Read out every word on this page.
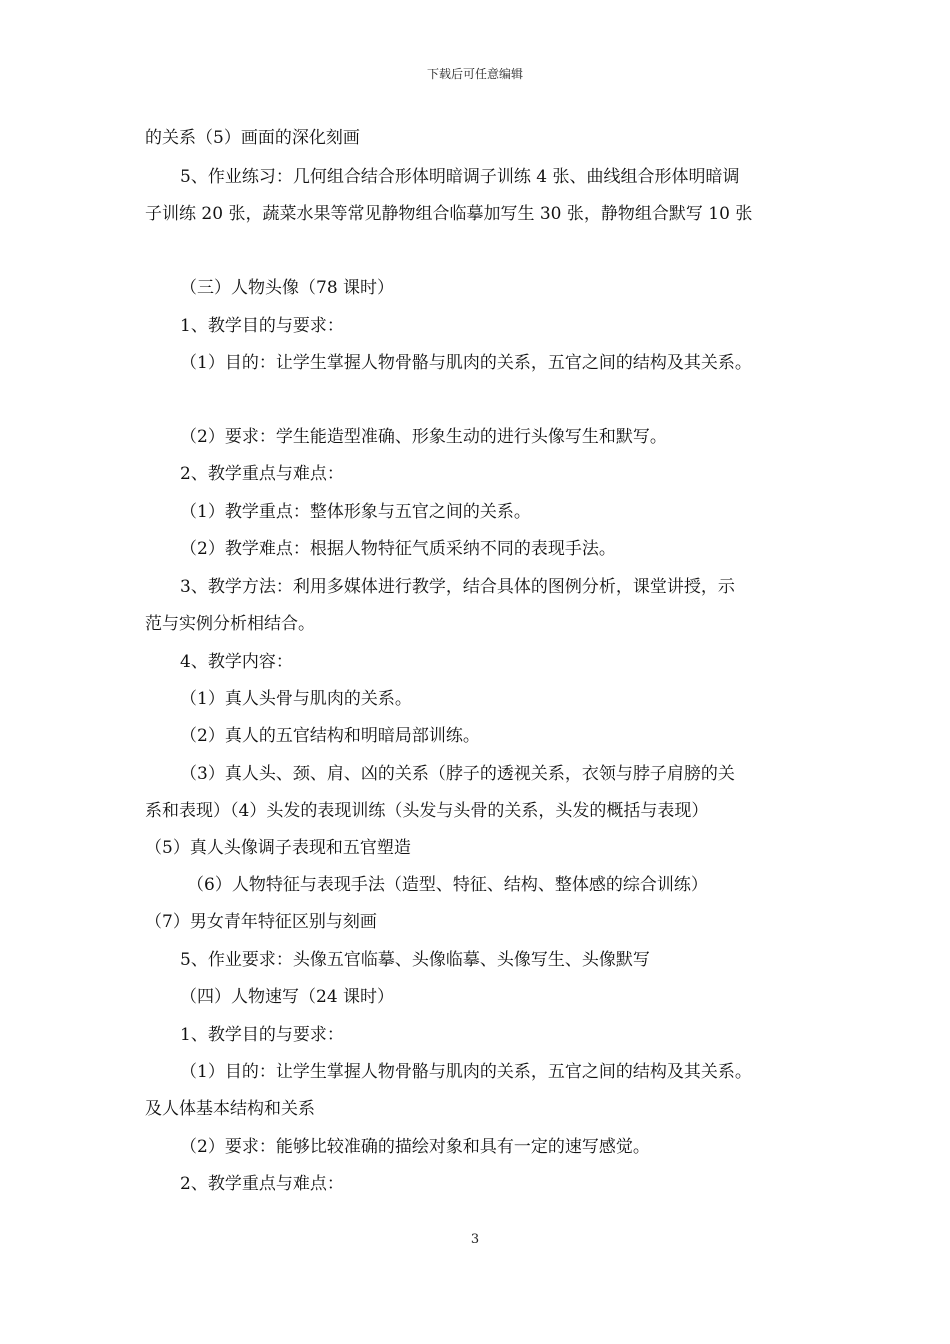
下载后可任意编辑
的关系（5）画面的深化刻画
5、作业练习：几何组合结合形体明暗调子训练 4 张、曲线组合形体明暗调
子训练 20 张，蔬菜水果等常见静物组合临摹加写生 30 张，静物组合默写 10 张
（三）人物头像（78 课时）
1、教学目的与要求：
（1）目的：让学生掌握人物骨骼与肌肉的关系，五官之间的结构及其关系。
（2）要求：学生能造型准确、形象生动的进行头像写生和默写。
2、教学重点与难点：
（1）教学重点：整体形象与五官之间的关系。
（2）教学难点：根据人物特征气质采纳不同的表现手法。
3、教学方法：利用多媒体进行教学，结合具体的图例分析，课堂讲授，示
范与实例分析相结合。
4、教学内容：
（1）真人头骨与肌肉的关系。
（2）真人的五官结构和明暗局部训练。
（3）真人头、颈、肩、凶的关系（脖子的透视关系，衣领与脖子肩膀的关
系和表现）（4）头发的表现训练（头发与头骨的关系，头发的概括与表现）
（5）真人头像调子表现和五官塑造
（6）人物特征与表现手法（造型、特征、结构、整体感的综合训练）
（7）男女青年特征区别与刻画
5、作业要求：头像五官临摹、头像临摹、头像写生、头像默写
（四）人物速写（24 课时）
1、教学目的与要求：
（1）目的：让学生掌握人物骨骼与肌肉的关系，五官之间的结构及其关系。
及人体基本结构和关系
（2）要求：能够比较准确的描绘对象和具有一定的速写感觉。
2、教学重点与难点：
3
